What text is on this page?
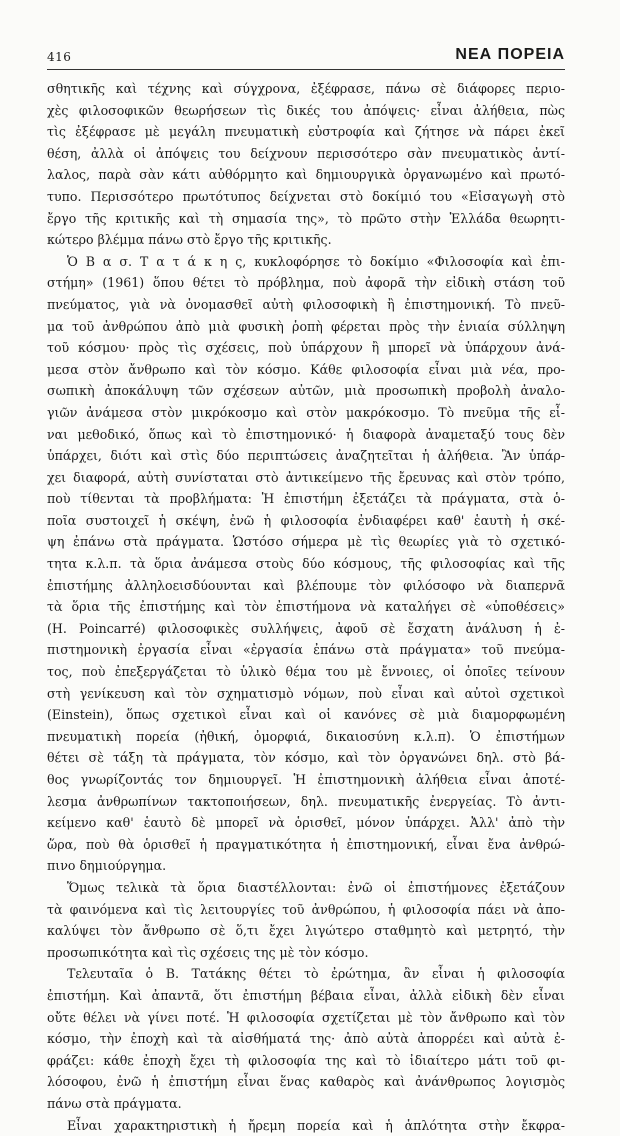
416	ΝΕΑ ΠΟΡΕΙΑ
σθητικῆς καὶ τέχνης καὶ σύγχρονα, ἐξέφρασε, πάνω σὲ διάφορες περιο-
χὲς φιλοσοφικῶν θεωρήσεων τὶς δικές του ἀπόψεις· εἶναι ἀλήθεια, πὼς
τὶς ἐξέφρασε μὲ μεγάλη πνευματικὴ εὐστροφία καὶ ζήτησε νὰ πάρει ἐκεῖ
θέση, ἀλλὰ οἱ ἀπόψεις του δείχνουν περισσότερο σὰν πνευματικὸς ἀντί-
λαλος, παρὰ σὰν κάτι αὐθόρμητο καὶ δημιουργικὰ ὀργανωμένο καὶ πρωτό-
τυπο. Περισσότερο πρωτότυπος δείχνεται στὸ δοκίμιό του «Εἰσαγωγὴ στὸ
ἔργο τῆς κριτικῆς καὶ τὴ σημασία της», τὸ πρῶτο στὴν Ἑλλάδα θεωρητι-
κώτερο βλέμμα πάνω στὸ ἔργο τῆς κριτικῆς.
Ὁ Β α σ. Τ α τ ά κ η ς, κυκλοφόρησε τὸ δοκίμιο «Φιλοσοφία καὶ ἐπι-
στήμη» (1961) ὅπου θέτει τὸ πρόβλημα, ποὺ ἀφορᾶ τὴν εἰδικὴ στάση τοῦ
πνεύματος, γιὰ νὰ ὀνομασθεῖ αὐτὴ φιλοσοφικὴ ἢ ἐπιστημονική. Τὸ πνεῦ-
μα τοῦ ἀνθρώπου ἀπὸ μιὰ φυσικὴ ῥοπὴ φέρεται πρὸς τὴν ἑνιαία σύλληψη
τοῦ κόσμου· πρὸς τὶς σχέσεις, ποὺ ὑπάρχουν ἢ μπορεῖ νὰ ὑπάρχουν ἀνά-
μεσα στὸν ἄνθρωπο καὶ τὸν κόσμο. Κάθε φιλοσοφία εἶναι μιὰ νέα, προ-
σωπικὴ ἀποκάλυψη τῶν σχέσεων αὐτῶν, μιὰ προσωπικὴ προβολὴ ἀναλο-
γιῶν ἀνάμεσα στὸν μικρόκοσμο καὶ στὸν μακρόκοσμο. Τὸ πνεῦμα τῆς εἶ-
ναι μεθοδικό, ὅπως καὶ τὸ ἐπιστημονικό· ἡ διαφορὰ ἀναμεταξύ τους δὲν
ὑπάρχει, διότι καὶ στὶς δύο περιπτώσεις ἀναζητεῖται ἡ ἀλήθεια. Ἂν ὑπάρ-
χει διαφορά, αὐτὴ συνίσταται στὸ ἀντικείμενο τῆς ἔρευνας καὶ στὸν τρόπο,
ποὺ τίθενται τὰ προβλήματα: Ἡ ἐπιστήμη ἐξετάζει τὰ πράγματα, στὰ ὁ-
ποῖα συστοιχεῖ ἡ σκέψη, ἐνῶ ἡ φιλοσοφία ἐνδιαφέρει καθ' ἑαυτὴ ἡ σκέ-
ψη ἐπάνω στὰ πράγματα. Ὡστόσο σήμερα μὲ τὶς θεωρίες γιὰ τὸ σχετικό-
τητα κ.λ.π. τὰ ὅρια ἀνάμεσα στοὺς δύο κόσμους, τῆς φιλοσοφίας καὶ τῆς
ἐπιστήμης ἀλληλοεισδύουνται καὶ βλέπουμε τὸν φιλόσοφο νὰ διαπερνᾶ
τὰ ὅρια τῆς ἐπιστήμης καὶ τὸν ἐπιστήμονα νὰ καταλήγει σὲ «ὑποθέσεις»
(H. Poincarré) φιλοσοφικὲς συλλήψεις, ἀφοῦ σὲ ἔσχατη ἀνάλυση ἡ ἐ-
πιστημονικὴ ἐργασία εἶναι «ἐργασία ἐπάνω στὰ πράγματα» τοῦ πνεύμα-
τος, ποὺ ἐπεξεργάζεται τὸ ὑλικὸ θέμα του μὲ ἔννοιες, οἱ ὁποῖες τείνουν
στὴ γενίκευση καὶ τὸν σχηματισμὸ νόμων, ποὺ εἶναι καὶ αὐτοὶ σχετικοὶ
(Einstein), ὅπως σχετικοὶ εἶναι καὶ οἱ κανόνες σὲ μιὰ διαμορφωμένη
πνευματικὴ πορεία (ἠθική, ὀμορφιά, δικαιοσύνη κ.λ.π). Ὁ ἐπιστήμων
θέτει σὲ τάξη τὰ πράγματα, τὸν κόσμο, καὶ τὸν ὀργανώνει δηλ. στὸ βά-
θος γνωρίζοντάς τον δημιουργεῖ. Ἡ ἐπιστημονικὴ ἀλήθεια εἶναι ἀποτέ-
λεσμα ἀνθρωπίνων τακτοποιήσεων, δηλ. πνευματικῆς ἐνεργείας. Τὸ ἀντι-
κείμενο καθ' ἑαυτὸ δὲ μπορεῖ νὰ ὁρισθεῖ, μόνον ὑπάρχει. Ἀλλ' ἀπὸ τὴν
ὥρα, ποὺ θὰ ὁρισθεῖ ἡ πραγματικότητα ἡ ἐπιστημονική, εἶναι ἔνα ἀνθρώ-
πινο δημιούργημα.
Ὅμως τελικὰ τὰ ὅρια διαστέλλονται: ἐνῶ οἱ ἐπιστήμονες ἐξετάζουν
τὰ φαινόμενα καὶ τὶς λειτουργίες τοῦ ἀνθρώπου, ἡ φιλοσοφία πάει νὰ ἀπο-
καλύψει τὸν ἄνθρωπο σὲ ὅ,τι ἔχει λιγώτερο σταθμητὸ καὶ μετρητό, τὴν
προσωπικότητα καὶ τὶς σχέσεις της μὲ τὸν κόσμο.
Τελευταῖα ὁ Β. Τατάκης θέτει τὸ ἐρώτημα, ἂν εἶναι ἡ φιλοσοφία
ἐπιστήμη. Καὶ ἀπαντᾶ, ὅτι ἐπιστήμη βέβαια εἶναι, ἀλλὰ εἰδικὴ δὲν εἶναι
οὔτε θέλει νὰ γίνει ποτέ. Ἡ φιλοσοφία σχετίζεται μὲ τὸν ἄνθρωπο καὶ τὸν
κόσμο, τὴν ἐποχὴ καὶ τὰ αἰσθήματά της· ἀπὸ αὐτὰ ἀπορρέει καὶ αὐτὰ ἐ-
φράζει: κάθε ἐποχὴ ἔχει τὴ φιλοσοφία της καὶ τὸ ἰδιαίτερο μάτι τοῦ φι-
λόσοφου, ἐνῶ ἡ ἐπιστήμη εἶναι ἕνας καθαρὸς καὶ ἀνάνθρωπος λογισμὸς
πάνω στὰ πράγματα.
Εἶναι χαρακτηριστικὴ ἡ ἤρεμη πορεία καὶ ἡ ἁπλότητα στὴν ἔκφρα-
